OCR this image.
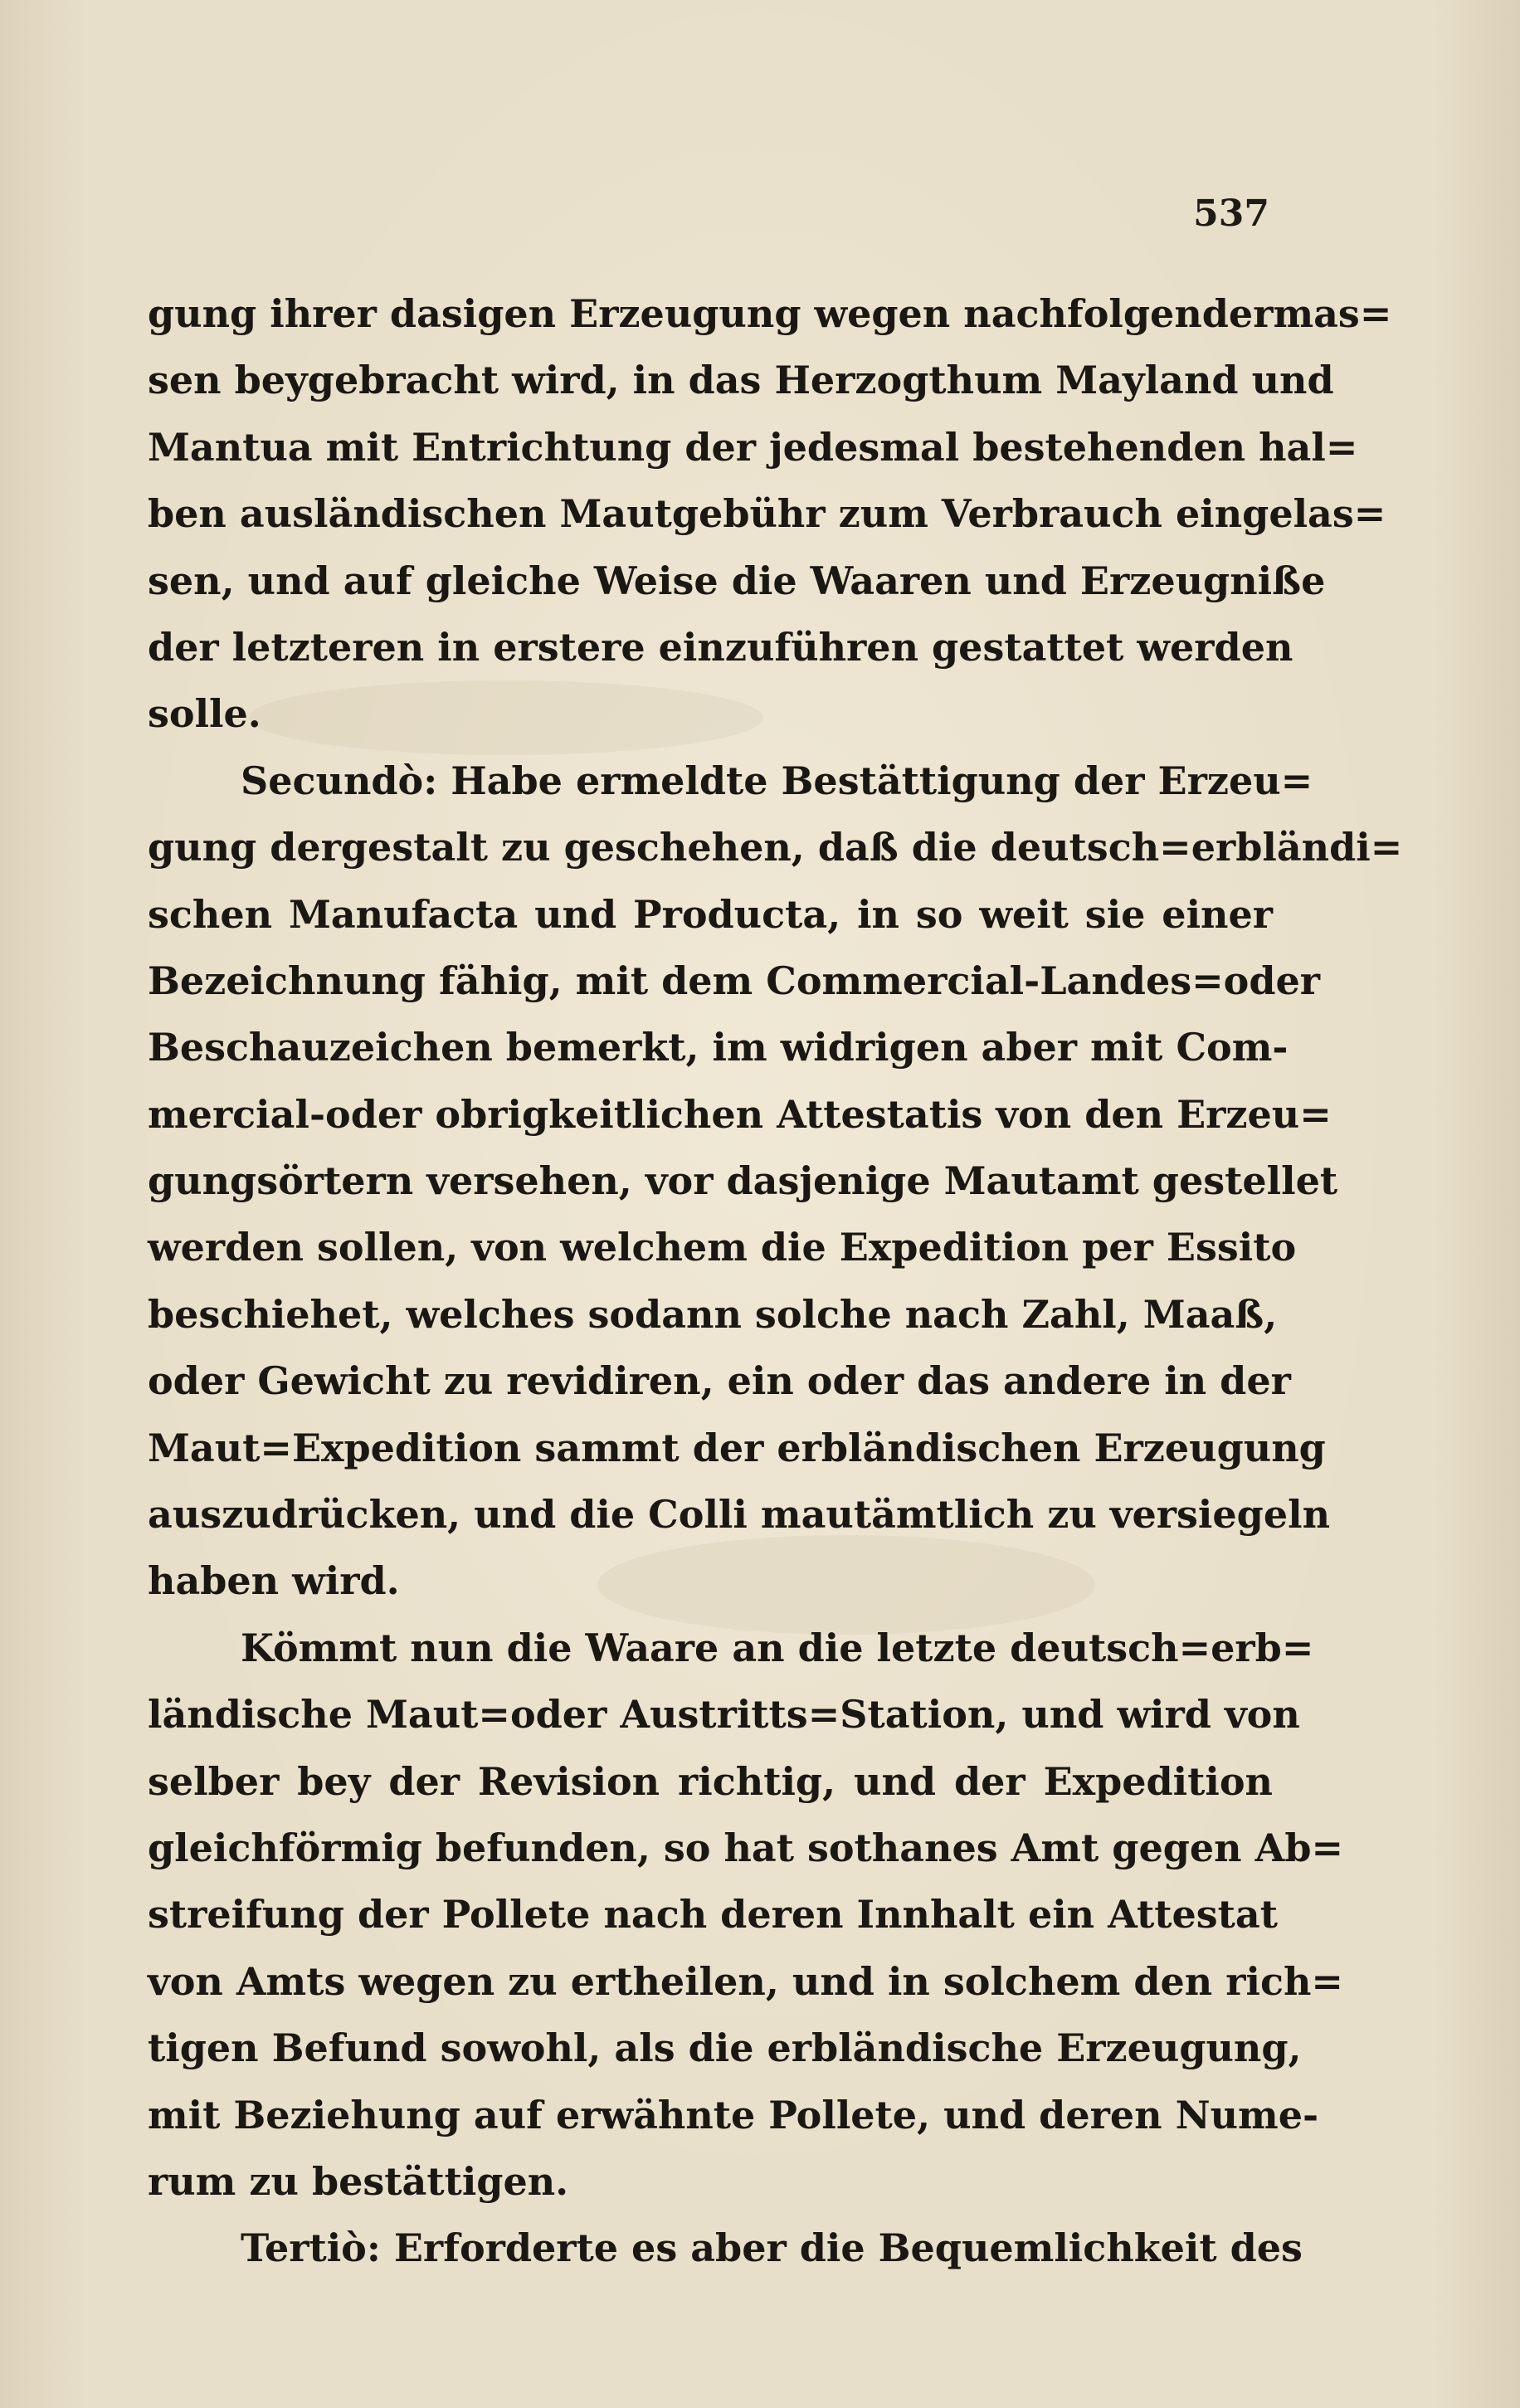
537
gung ihrer dasigen Erzeugung wegen nachfolgendermas=
sen beygebracht wird, in das Herzogthum Mayland und
Mantua mit Entrichtung der jedesmal bestehenden hal=
ben ausländischen Mautgebühr zum Verbrauch eingelas=
sen, und auf gleiche Weise die Waaren und Erzeugniße
der letzteren in erstere einzuführen gestattet werden
solle.
Secundò: Habe ermeldte Bestättigung der Erzeu=
gung dergestalt zu geschehen, daß die deutsch=erbländi=
schen Manufacta und Producta, in so weit sie einer
Bezeichnung fähig, mit dem Commercial-Landes=oder
Beschauzeichen bemerkt, im widrigen aber mit Com-
mercial-oder obrigkeitlichen Attestatis von den Erzeu=
gungsörtern versehen, vor dasjenige Mautamt gestellet
werden sollen, von welchem die Expedition per Essito
beschiehet, welches sodann solche nach Zahl, Maaß,
oder Gewicht zu revidiren, ein oder das andere in der
Maut=Expedition sammt der erbländischen Erzeugung
auszudrücken, und die Colli mautämtlich zu versiegeln
haben wird.
Kömmt nun die Waare an die letzte deutsch=erb=
ländische Maut=oder Austritts=Station, und wird von
selber bey der Revision richtig, und der Expedition
gleichförmig befunden, so hat sothanes Amt gegen Ab=
streifung der Pollete nach deren Innhalt ein Attestat
von Amts wegen zu ertheilen, und in solchem den rich=
tigen Befund sowohl, als die erbländische Erzeugung,
mit Beziehung auf erwähnte Pollete, und deren Nume-
rum zu bestättigen.
Tertiò: Erforderte es aber die Bequemlichkeit des
